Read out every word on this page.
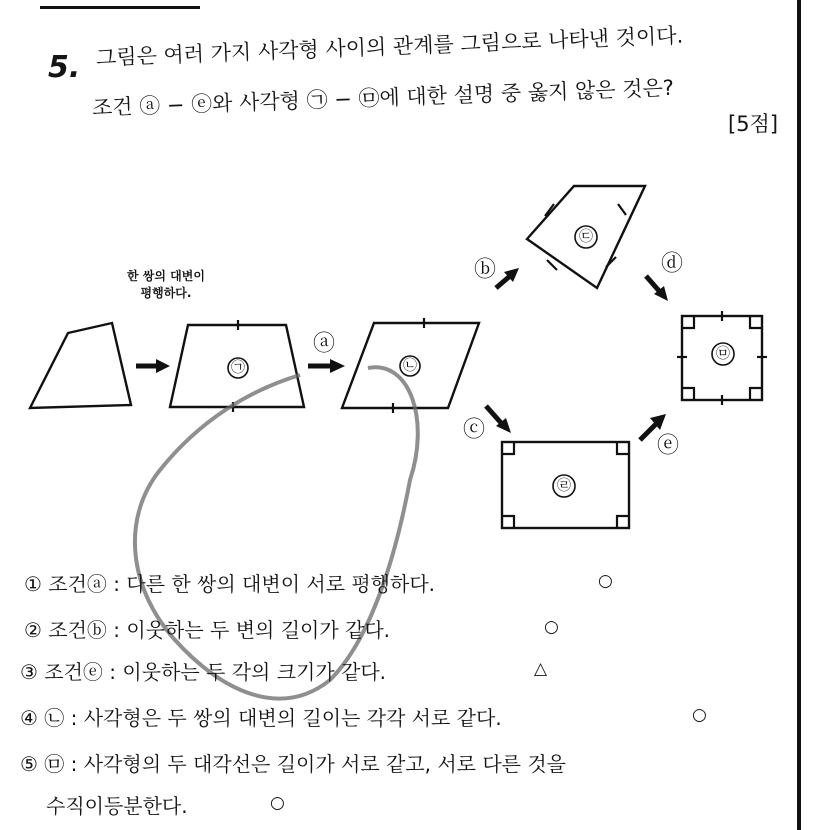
5. 그림은 여러 가지 사각형 사이의 관계를 그림으로 나타낸 것이다.
조건 ⓐ − ⓔ와 사각형 ㉠ − ㉤에 대한 설명 중 옳지 않은 것은?
[5점]
㉠	㉡
㉢
㉣
㉤
ⓐ
ⓑ
ⓒ
ⓓ
ⓔ
한 쌍의 대변이 평행하다.
① 조건ⓐ : 다른 한 쌍의 대변이 서로 평행하다.	○
② 조건ⓑ : 이웃하는 두 변의 길이가 같다.	○
③ 조건ⓔ : 이웃하는 두 각의 크기가 같다.	△
④ ㉡ : 사각형은 두 쌍의 대변의 길이는 각각 서로 같다.	○
⑤ ㉤ : 사각형의 두 대각선은 길이가 서로 같고, 서로 다른 것을
수직이등분한다.	○
